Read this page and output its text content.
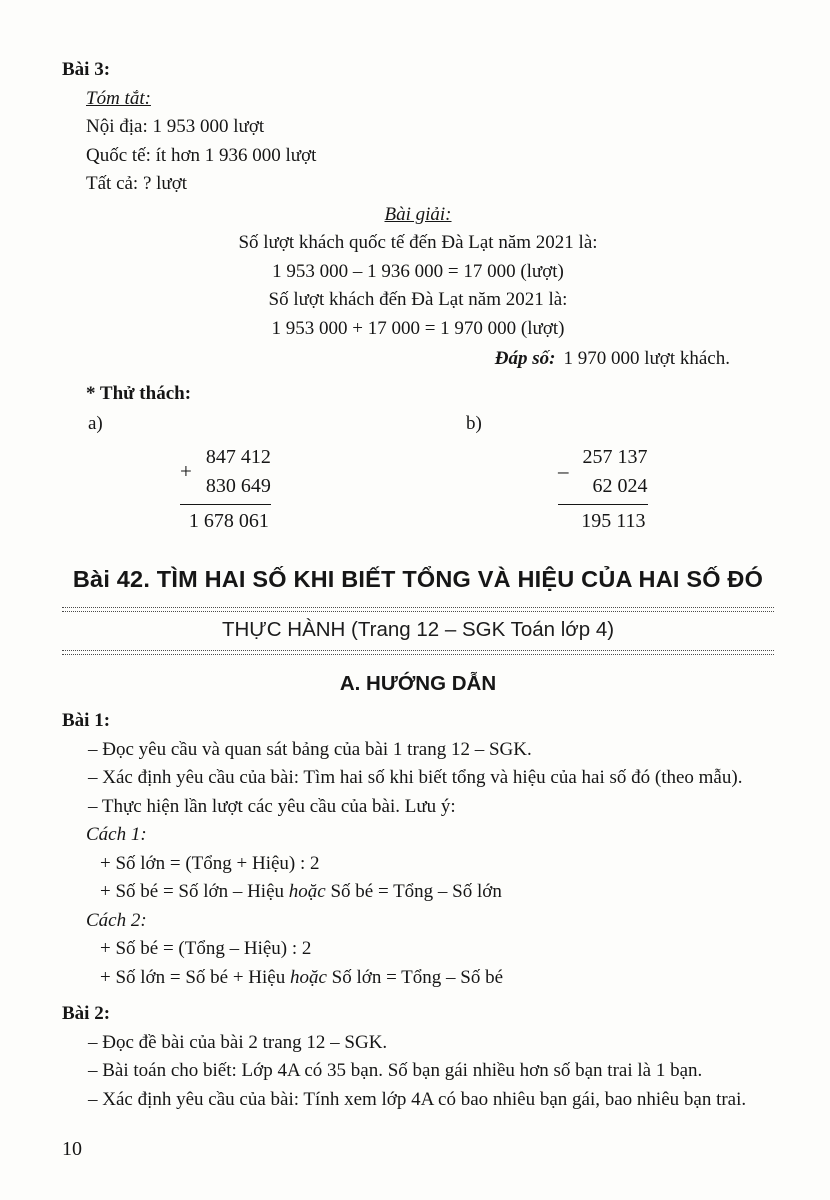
Bài 3:

Tóm tắt:

Nội địa: 1 953 000 lượt

Quốc tế: ít hơn 1 936 000 lượt

Tất cả: ? lượt

Bài giải:

Số lượt khách quốc tế đến Đà Lạt năm 2021 là:

1 953 000 – 1 936 000 = 17 000 (lượt)

Số lượt khách đến Đà Lạt năm 2021 là:

1 953 000 + 17 000 = 1 970 000 (lượt)

Đáp số: 1 970 000 lượt khách.

* Thử thách:

a)

+
847 412
830 649
1 678 061

b)

–
257 137
62 024
195 113
Bài 42. TÌM HAI SỐ KHI BIẾT TỔNG VÀ HIỆU CỦA HAI SỐ ĐÓ
THỰC HÀNH (Trang 12 – SGK Toán lớp 4)
A. HƯỚNG DẪN

Bài 1:

– Đọc yêu cầu và quan sát bảng của bài 1 trang 12 – SGK.

– Xác định yêu cầu của bài: Tìm hai số khi biết tổng và hiệu của hai số đó (theo mẫu).

– Thực hiện lần lượt các yêu cầu của bài. Lưu ý:

Cách 1:

+ Số lớn = (Tổng + Hiệu) : 2

+ Số bé = Số lớn – Hiệu hoặc Số bé = Tổng – Số lớn

Cách 2:

+ Số bé = (Tổng – Hiệu) : 2

+ Số lớn = Số bé + Hiệu hoặc Số lớn = Tổng – Số bé

Bài 2:

– Đọc đề bài của bài 2 trang 12 – SGK.

– Bài toán cho biết: Lớp 4A có 35 bạn. Số bạn gái nhiều hơn số bạn trai là 1 bạn.

– Xác định yêu cầu của bài: Tính xem lớp 4A có bao nhiêu bạn gái, bao nhiêu bạn trai.

10
